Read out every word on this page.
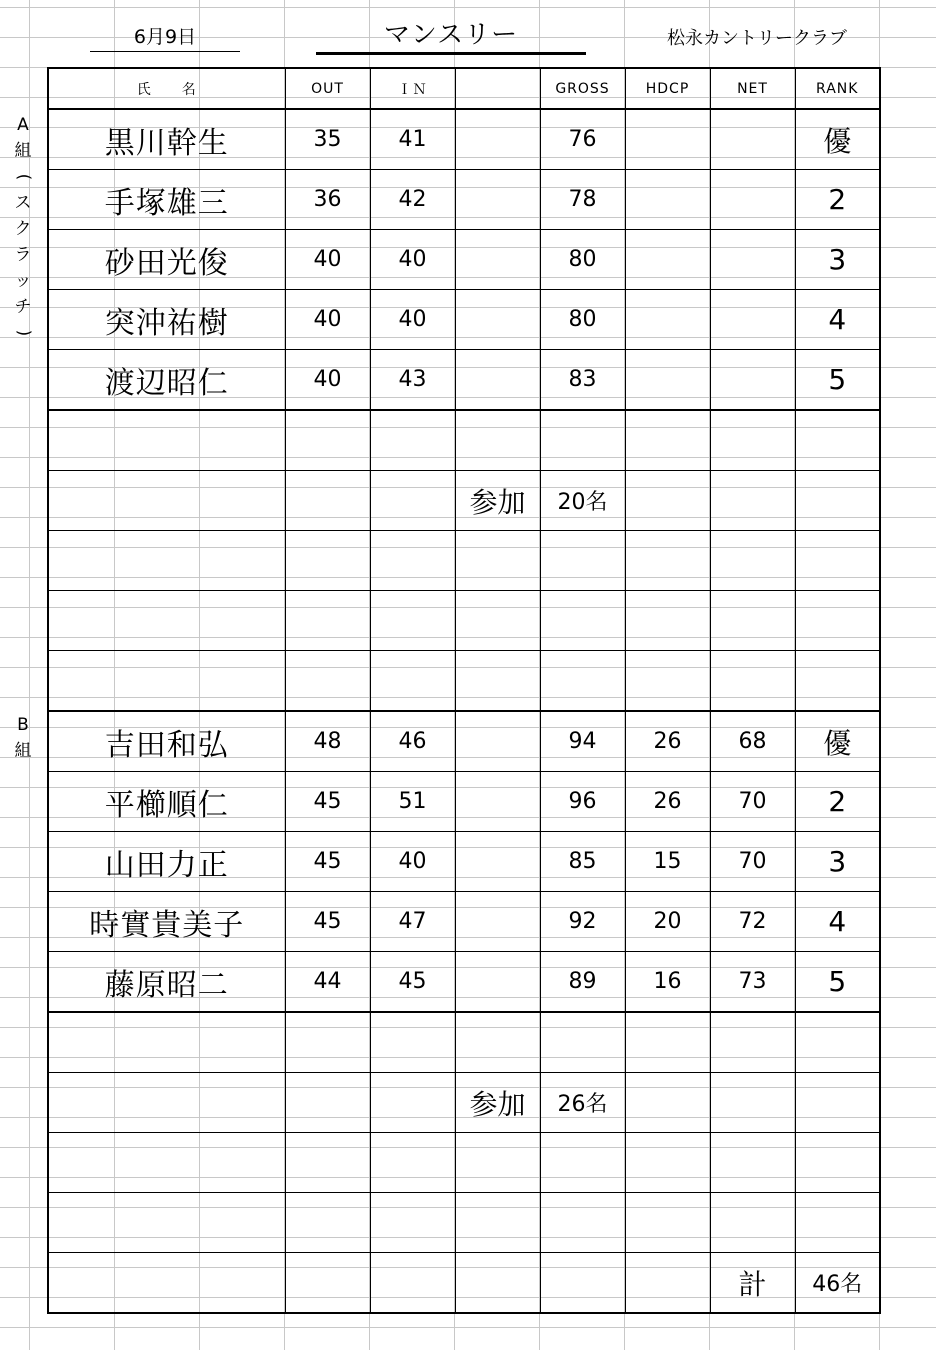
6月9日	マンスリー	松永カントリークラブ
A
組
(
ス
ク
ラ
ッ
チ
)
B
組
氏　　名	OUT	ＩＮ		GROSS	HDCP	NET	RANK
黒川幹生	35	41		76			優
手塚雄三	36	42		78			2
砂田光俊	40	40		80			3
突沖祐樹	40	40		80			4
渡辺昭仁	40	43		83			5

			参加	20名			

吉田和弘	48	46		94	26	68	優
平櫛順仁	45	51		96	26	70	2
山田力正	45	40		85	15	70	3
時實貴美子	45	47		92	20	72	4
藤原昭二	44	45		89	16	73	5

			参加	26名			

						計	46名
